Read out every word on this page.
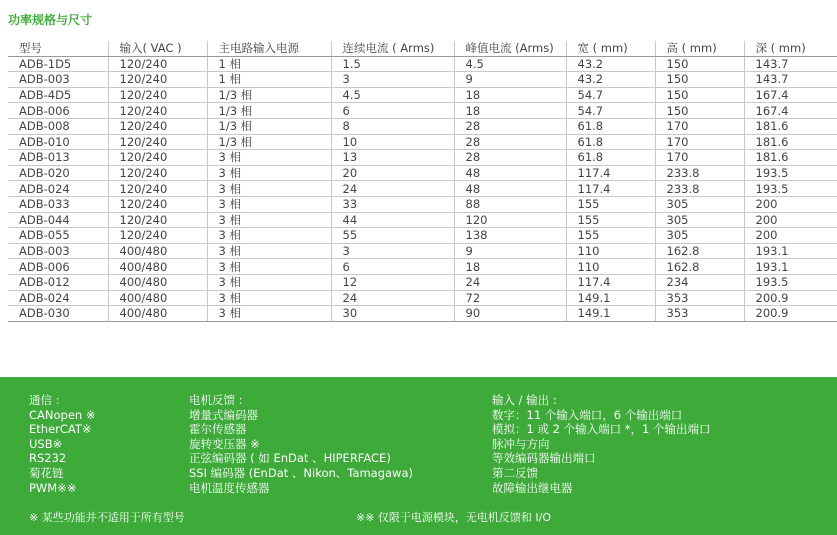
功率规格与尺寸
型号	输入( VAC )	主电路输入电源	连续电流 ( Arms)	峰值电流 (Arms)	宽 ( mm)	高 ( mm)	深 ( mm)
ADB-1D5	120/240	1 相	1.5	4.5	43.2	150	143.7
ADB-003	120/240	1 相	3	9	43.2	150	143.7
ADB-4D5	120/240	1/3 相	4.5	18	54.7	150	167.4
ADB-006	120/240	1/3 相	6	18	54.7	150	167.4
ADB-008	120/240	1/3 相	8	28	61.8	170	181.6
ADB-010	120/240	1/3 相	10	28	61.8	170	181.6
ADB-013	120/240	3 相	13	28	61.8	170	181.6
ADB-020	120/240	3 相	20	48	117.4	233.8	193.5
ADB-024	120/240	3 相	24	48	117.4	233.8	193.5
ADB-033	120/240	3 相	33	88	155	305	200
ADB-044	120/240	3 相	44	120	155	305	200
ADB-055	120/240	3 相	55	138	155	305	200
ADB-003	400/480	3 相	3	9	110	162.8	193.1
ADB-006	400/480	3 相	6	18	110	162.8	193.1
ADB-012	400/480	3 相	12	24	117.4	234	193.5
ADB-024	400/480	3 相	24	72	149.1	353	200.9
ADB-030	400/480	3 相	30	90	149.1	353	200.9
通信 :
CANopen ※
EtherCAT※
USB※
RS232
菊花链
PWM※※
电机反馈 :
增量式编码器
霍尔传感器
旋转变压器 ※
正弦编码器 ( 如 EnDat 、HIPERFACE)
SSI 编码器 (EnDat 、Nikon、Tamagawa)
电机温度传感器
输入 / 输出 :
数字：11 个输入端口，6 个输出端口
模拟：1 或 2 个输入端口 *，1 个输出端口
脉冲与方向
等效编码器输出端口
第二反馈
故障输出继电器
※ 某些功能并不适用于所有型号	※※ 仅限于电源模块，无电机反馈和 I/O
